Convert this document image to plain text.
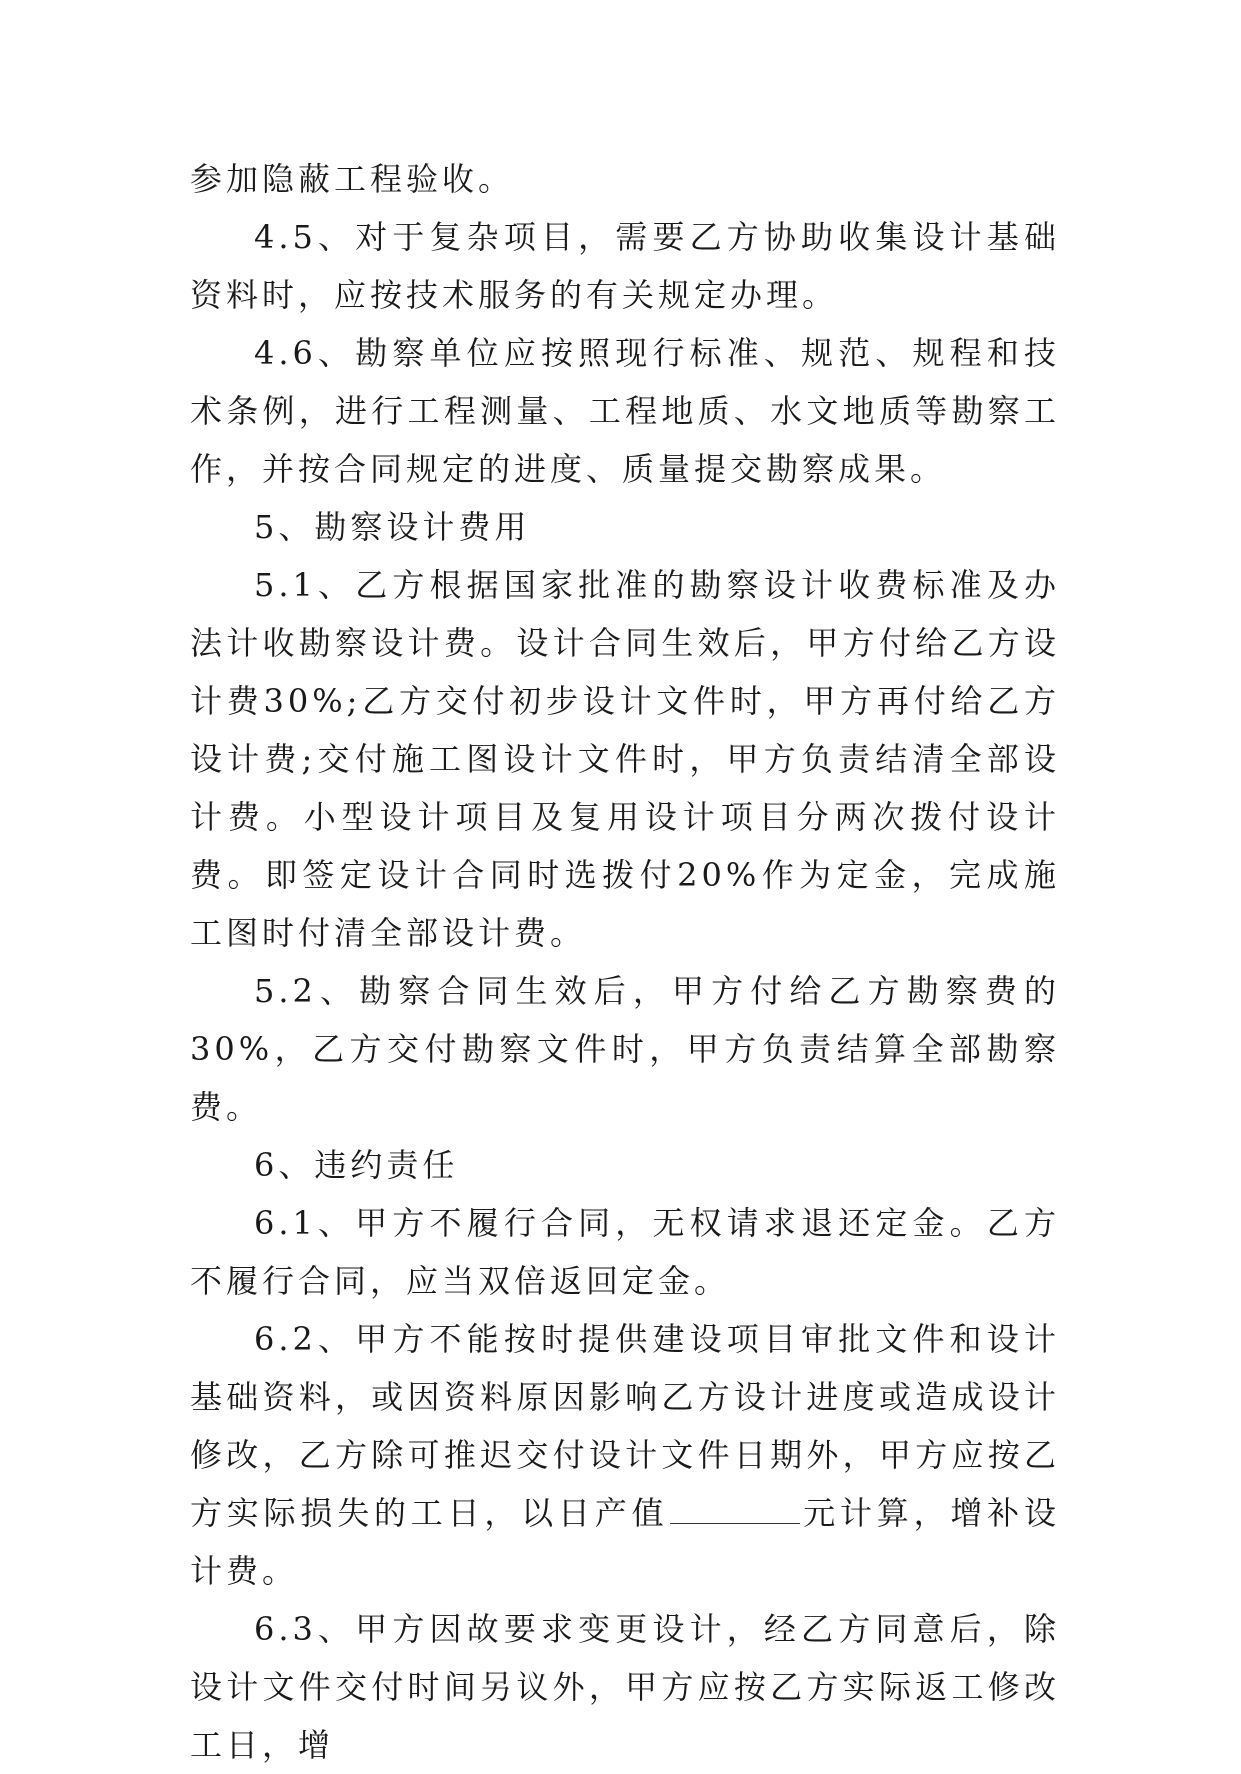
参加隐蔽工程验收。

4.5、对于复杂项目，需要乙方协助收集设计基础资料时，应按技术服务的有关规定办理。

4.6、勘察单位应按照现行标准、规范、规程和技术条例，进行工程测量、工程地质、水文地质等勘察工作，并按合同规定的进度、质量提交勘察成果。

5、勘察设计费用

5.1、乙方根据国家批准的勘察设计收费标准及办法计收勘察设计费。设计合同生效后，甲方付给乙方设计费30%;乙方交付初步设计文件时，甲方再付给乙方设计费;交付施工图设计文件时，甲方负责结清全部设计费。小型设计项目及复用设计项目分两次拨付设计费。即签定设计合同时选拨付20%作为定金，完成施工图时付清全部设计费。

5.2、勘察合同生效后，甲方付给乙方勘察费的30%，乙方交付勘察文件时，甲方负责结算全部勘察费。

6、违约责任

6.1、甲方不履行合同，无权请求退还定金。乙方不履行合同，应当双倍返回定金。

6.2、甲方不能按时提供建设项目审批文件和设计基础资料，或因资料原因影响乙方设计进度或造成设计修改，乙方除可推迟交付设计文件日期外，甲方应按乙方实际损失的工日，以日产值	元计算，增补设计费。

6.3、甲方因故要求变更设计，经乙方同意后，除设计文件交付时间另议外，甲方应按乙方实际返工修改工日，增
